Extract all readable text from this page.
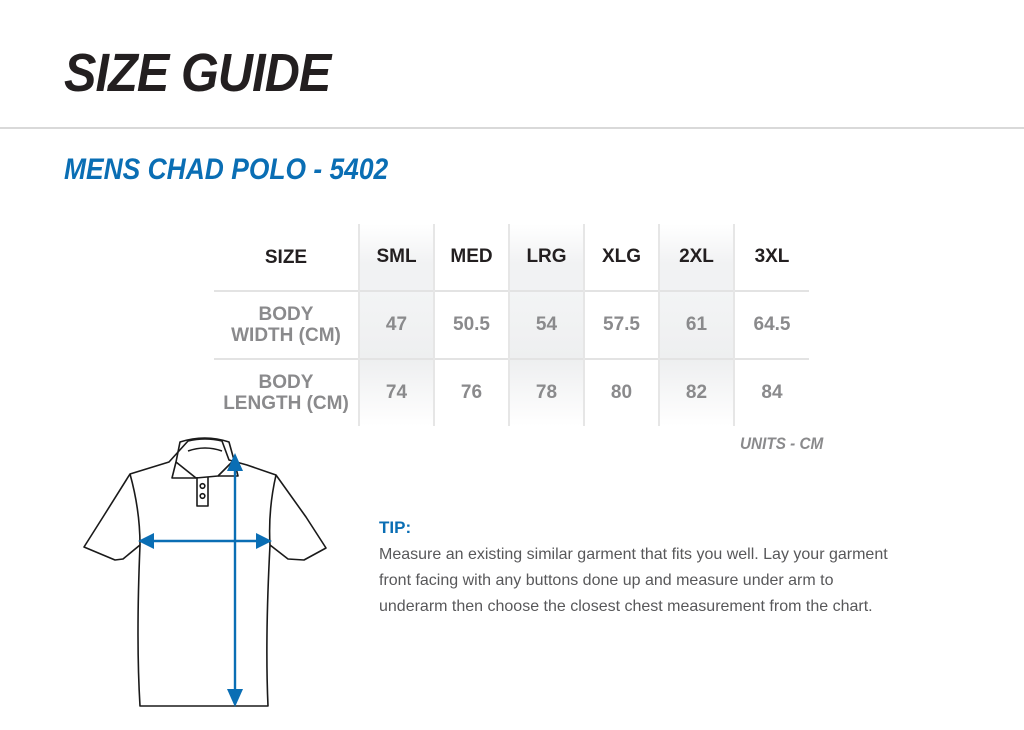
SIZE GUIDE
MENS CHAD POLO - 5402
SIZE	SML	MED	LRG	XLG	2XL	3XL

BODY
WIDTH (CM)	47	50.5	54	57.5	61	64.5

BODY
LENGTH (CM)	74	76	78	80	82	84
UNITS - CM

TIP:

Measure an existing similar garment that fits you well. Lay your garment
front facing with any buttons done up and measure under arm to
underarm then choose the closest chest measurement from the chart.
